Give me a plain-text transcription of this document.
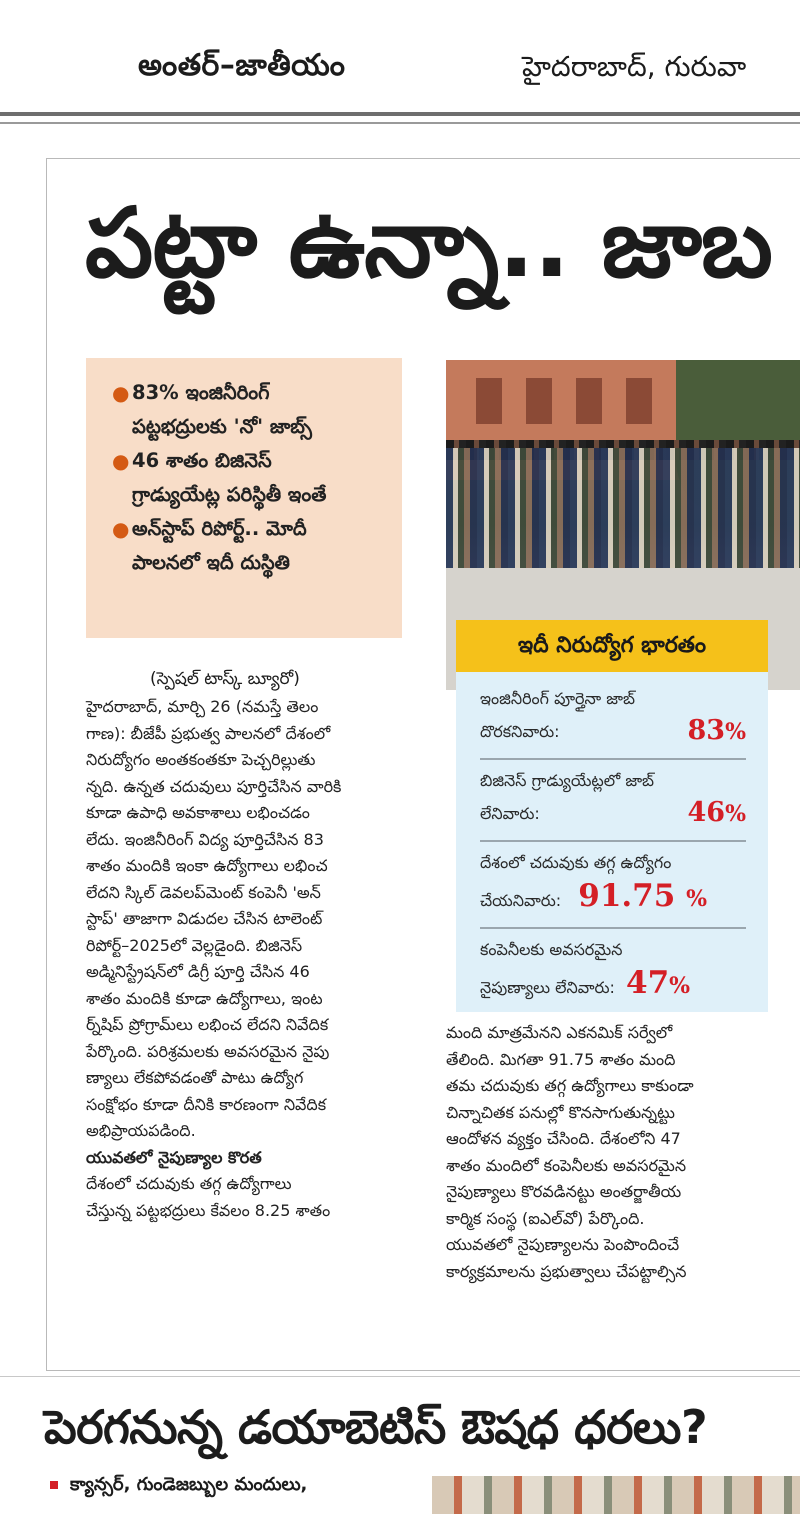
అంతర్–జాతీయం	హైదరాబాద్, గురువా
పట్టా ఉన్నా.. జాబ
● 83% ఇంజినీరింగ్
పట్టభద్రులకు 'నో' జాబ్స్
● 46 శాతం బిజినెస్
గ్రాడ్యుయేట్ల పరిస్థితీ ఇంతే
● అన్‌స్టాప్ రిపోర్ట్.. మోదీ
పాలనలో ఇదీ దుస్థితి
ఇదీ నిరుద్యోగ భారతం
ఇంజినీరింగ్ పూర్తైనా జాబ్
దొరకనివారు:	83%
బిజినెస్ గ్రాడ్యుయేట్లలో జాబ్
లేనివారు:	46%
దేశంలో చదువుకు తగ్గ ఉద్యోగం
చేయనివారు: 91.75 %
కంపెనీలకు అవసరమైన
నైపుణ్యాలు లేనివారు: 47%
(స్పెషల్ టాస్క్ బ్యూరో)
హైదరాబాద్, మార్చి 26 (నమస్తే తెలం
గాణ): బీజేపీ ప్రభుత్వ పాలనలో దేశంలో
నిరుద్యోగం అంతకంతకూ పెచ్చరిల్లుతు
న్నది. ఉన్నత చదువులు పూర్తిచేసిన వారికి
కూడా ఉపాధి అవకాశాలు లభించడం
లేదు. ఇంజినీరింగ్ విద్య పూర్తిచేసిన 83
శాతం మందికి ఇంకా ఉద్యోగాలు లభించ
లేదని స్కిల్ డెవలప్‌మెంట్ కంపెనీ 'అన్
స్టాప్' తాజాగా విడుదల చేసిన టాలెంట్
రిపోర్ట్–2025లో వెల్లడైంది. బిజినెస్
అడ్మినిస్ట్రేషన్‌లో డిగ్రీ పూర్తి చేసిన 46
శాతం మందికి కూడా ఉద్యోగాలు, ఇంట
ర్న్‌షిప్ ప్రోగ్రామ్‌లు లభించ లేదని నివేదిక
పేర్కొంది. పరిశ్రమలకు అవసరమైన నైపు
ణ్యాలు లేకపోవడంతో పాటు ఉద్యోగ
సంక్షోభం కూడా దీనికి కారణంగా నివేదిక
అభిప్రాయపడింది.
యువతలో నైపుణ్యాల కొరత
దేశంలో చదువుకు తగ్గ ఉద్యోగాలు
చేస్తున్న పట్టభద్రులు కేవలం 8.25 శాతం
మంది మాత్రమేనని ఎకనమిక్ సర్వేలో
తేలింది. మిగతా 91.75 శాతం మంది
తమ చదువుకు తగ్గ ఉద్యోగాలు కాకుండా
చిన్నాచితక పనుల్లో కొనసాగుతున్నట్టు
ఆందోళన వ్యక్తం చేసింది. దేశంలోని 47
శాతం మందిలో కంపెనీలకు అవసరమైన
నైపుణ్యాలు కొరవడినట్టు అంతర్జాతీయ
కార్మిక సంస్థ (ఐఎల్‌వో) పేర్కొంది.
యువతలో నైపుణ్యాలను పెంపొందించే
కార్యక్రమాలను ప్రభుత్వాలు చేపట్టాల్సిన
పెరగనున్న డయాబెటిస్ ఔషధ ధరలు?
క్యాన్సర్, గుండెజబ్బుల మందులు,
